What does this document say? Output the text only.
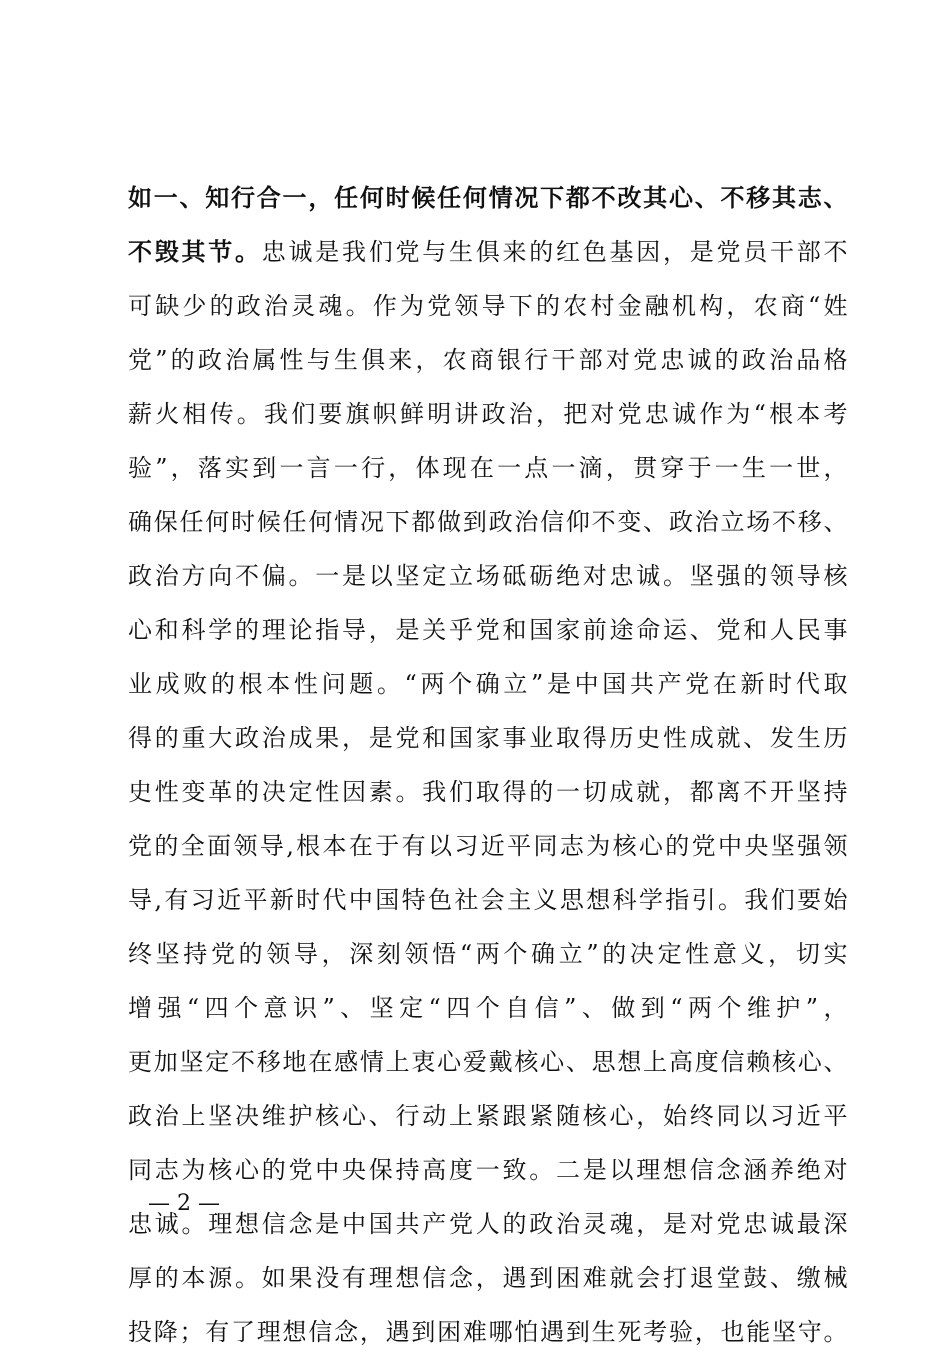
如一、知行合一，任何时候任何情况下都不改其心、不移其志、
不毁其节。忠诚是我们党与生俱来的红色基因，是党员干部不
可缺少的政治灵魂。作为党领导下的农村金融机构，农商“姓
党”的政治属性与生俱来，农商银行干部对党忠诚的政治品格
薪火相传。我们要旗帜鲜明讲政治，把对党忠诚作为“根本考
验”，落实到一言一行，体现在一点一滴，贯穿于一生一世，
确保任何时候任何情况下都做到政治信仰不变、政治立场不移、
政治方向不偏。一是以坚定立场砥砺绝对忠诚。坚强的领导核
心和科学的理论指导，是关乎党和国家前途命运、党和人民事
业成败的根本性问题。“两个确立”是中国共产党在新时代取
得的重大政治成果，是党和国家事业取得历史性成就、发生历
史性变革的决定性因素。我们取得的一切成就，都离不开坚持
党的全面领导,根本在于有以习近平同志为核心的党中央坚强领
导,有习近平新时代中国特色社会主义思想科学指引。我们要始
终坚持党的领导，深刻领悟“两个确立”的决定性意义，切实
增强“四个意识”、坚定“四个自信”、做到“两个维护”，
更加坚定不移地在感情上衷心爱戴核心、思想上高度信赖核心、
政治上坚决维护核心、行动上紧跟紧随核心，始终同以习近平
同志为核心的党中央保持高度一致。二是以理想信念涵养绝对
忠诚。理想信念是中国共产党人的政治灵魂，是对党忠诚最深
厚的本源。如果没有理想信念，遇到困难就会打退堂鼓、缴械
投降；有了理想信念，遇到困难哪怕遇到生死考验，也能坚守。
— 2 —
